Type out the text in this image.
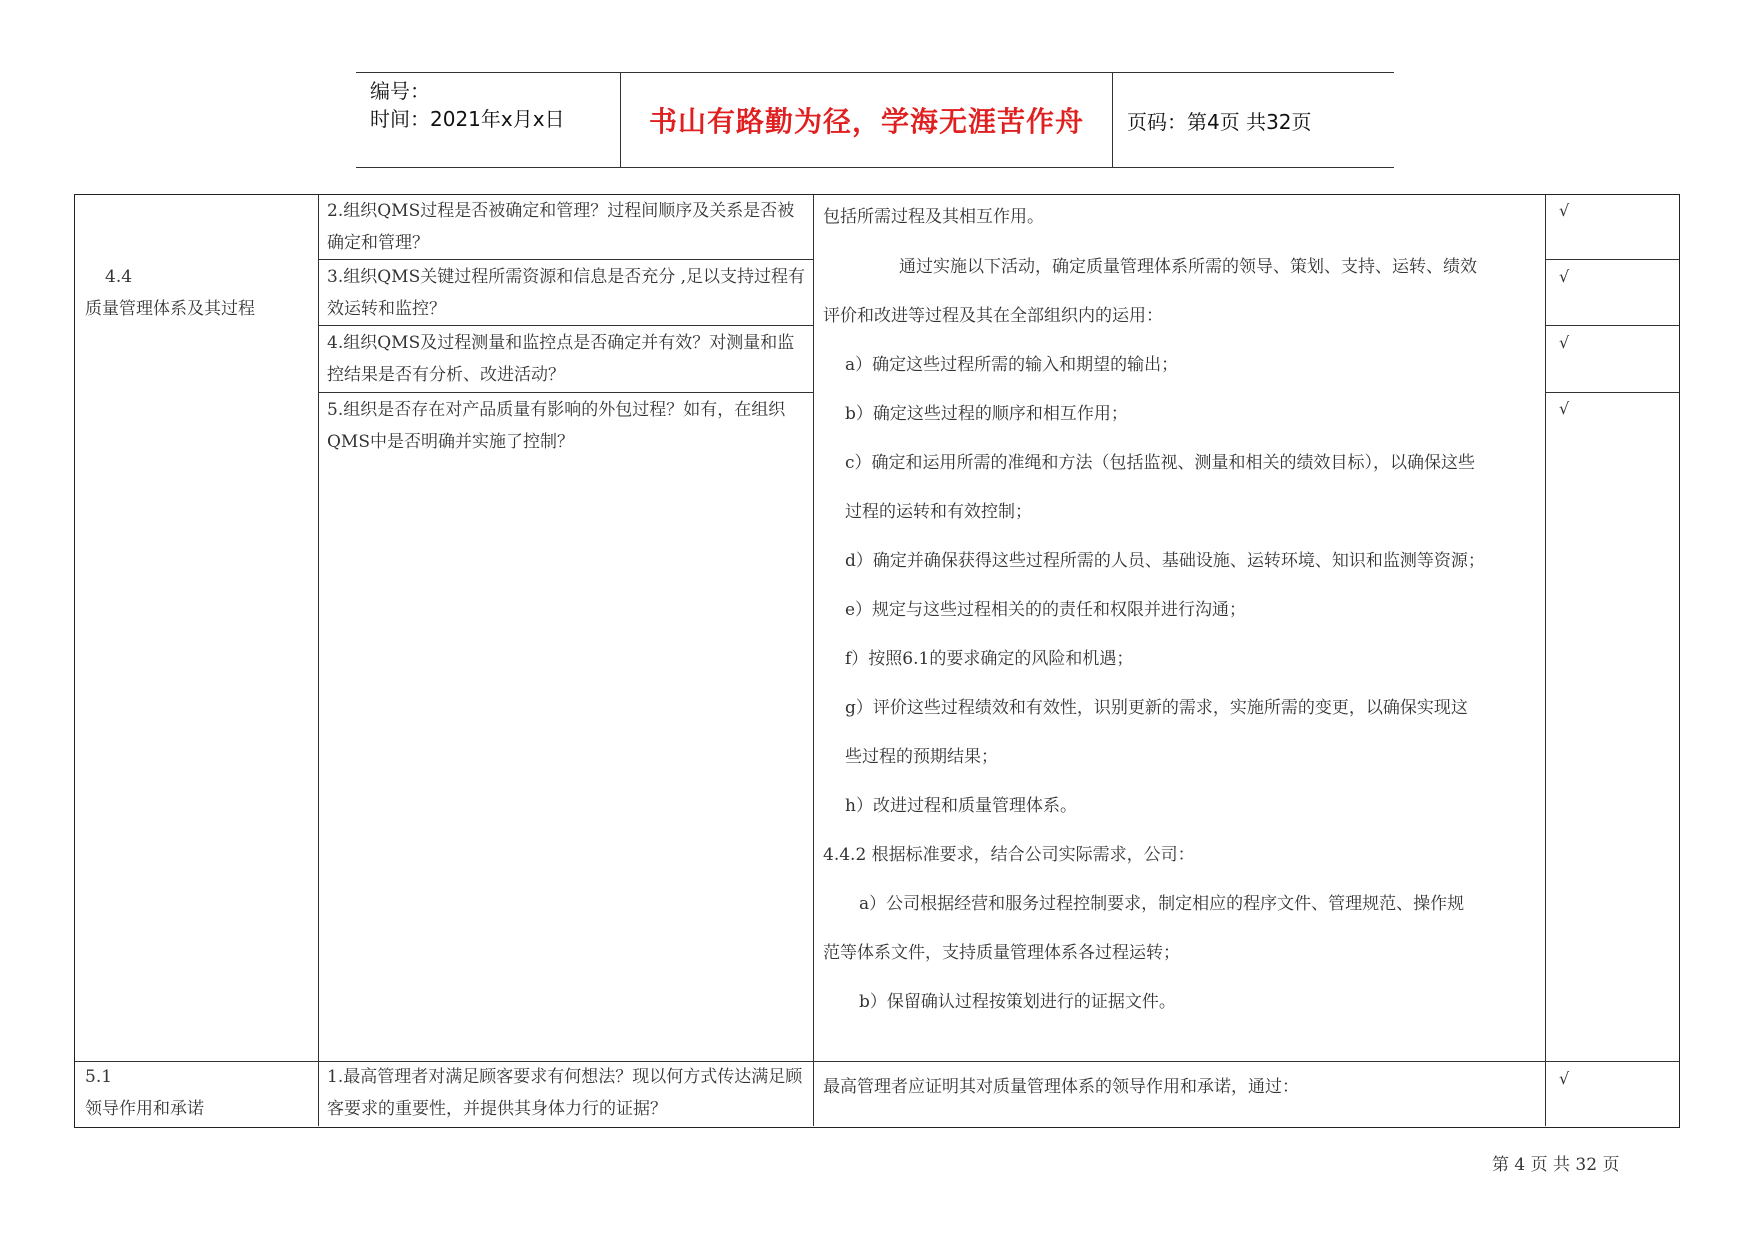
编号：
时间：2021年x月x日	书山有路勤为径，学海无涯苦作舟 页码：第4页 共32页
4.4
质量管理体系及其过程
2.组织QMS过程是否被确定和管理？过程间顺序及关系是否被确定和管理？
3.组织QMS关键过程所需资源和信息是否充分 ,足以支持过程有效运转和监控？
4.组织QMS及过程测量和监控点是否确定并有效？对测量和监控结果是否有分析、改进活动？
5.组织是否存在对产品质量有影响的外包过程？如有，在组织QMS中是否明确并实施了控制？
包括所需过程及其相互作用。
通过实施以下活动，确定质量管理体系所需的领导、策划、支持、运转、绩效
评价和改进等过程及其在全部组织内的运用：
a）确定这些过程所需的输入和期望的输出；
b）确定这些过程的顺序和相互作用；
c）确定和运用所需的准绳和方法（包括监视、测量和相关的绩效目标），以确保这些
过程的运转和有效控制；
d）确定并确保获得这些过程所需的人员、基础设施、运转环境、知识和监测等资源；
e）规定与这些过程相关的的责任和权限并进行沟通；
f）按照6.1的要求确定的风险和机遇；
g）评价这些过程绩效和有效性，识别更新的需求，实施所需的变更，以确保实现这
些过程的预期结果；
h）改进过程和质量管理体系。
4.4.2 根据标准要求，结合公司实际需求，公司：
a）公司根据经营和服务过程控制要求，制定相应的程序文件、管理规范、操作规
范等体系文件，支持质量管理体系各过程运转；
b）保留确认过程按策划进行的证据文件。
√
√
√
√
5.1
领导作用和承诺
1.最高管理者对满足顾客要求有何想法？现以何方式传达满足顾客要求的重要性，并提供其身体力行的证据？
最高管理者应证明其对质量管理体系的领导作用和承诺，通过：	√
第 4 页 共 32 页
